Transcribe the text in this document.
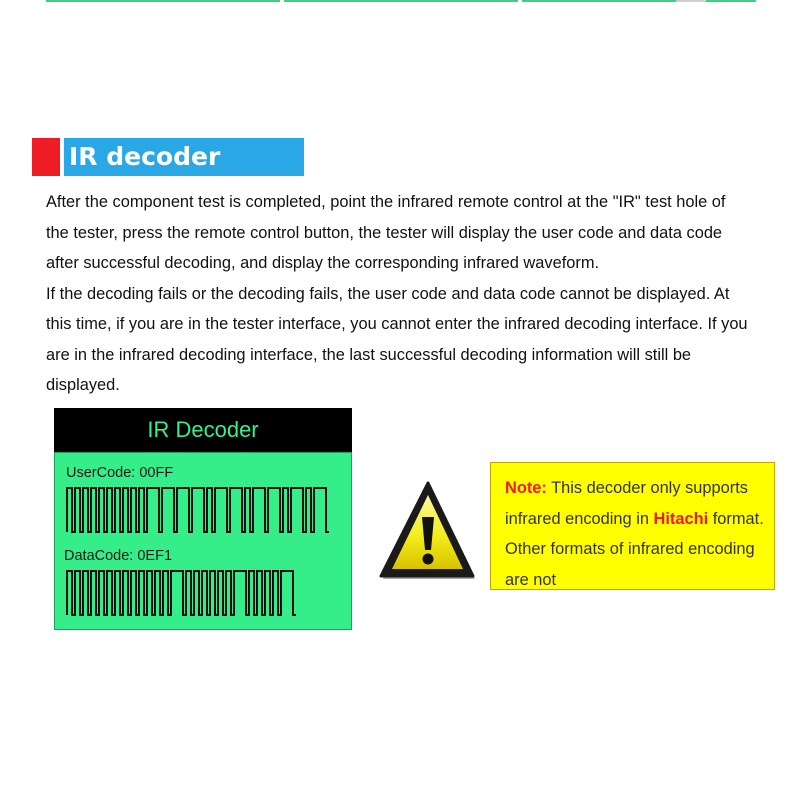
IR decoder

After the component test is completed, point the infrared remote control at the "IR" test hole of

the tester, press the remote control button, the tester will display the user code and data code

after successful decoding, and display the corresponding infrared waveform.

If the decoding fails or the decoding fails, the user code and data code cannot be displayed. At

this time, if you are in the tester interface, you cannot enter the infrared decoding interface. If you

are in the infrared decoding interface, the last successful decoding information will still be

displayed.

IR Decoder
UserCode: 00FF
DataCode: 0EF1
Note: This decoder only supports infrared encoding in Hitachi format. Other formats of infrared encoding are not
